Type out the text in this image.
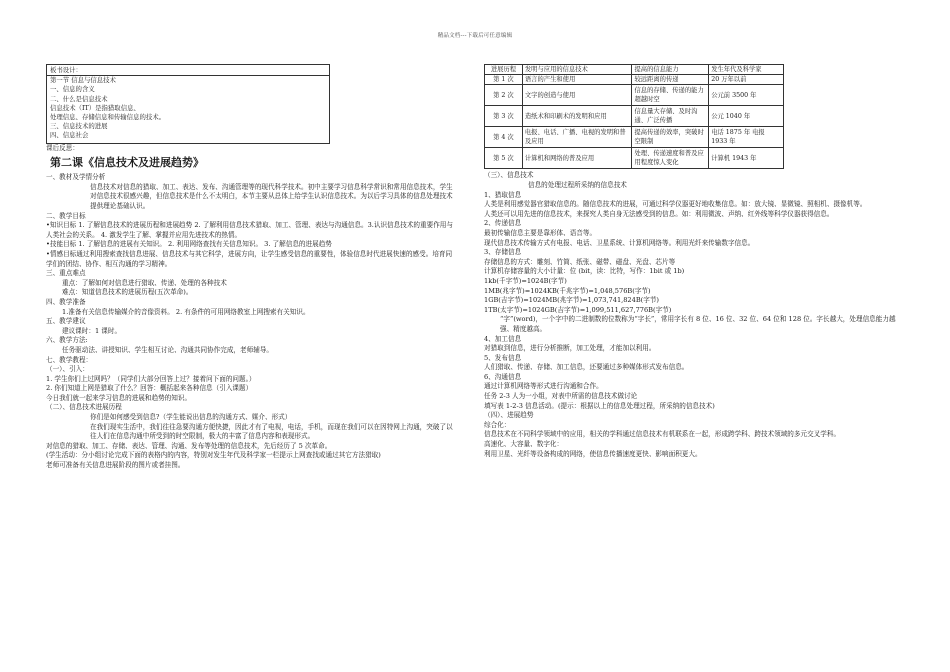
精品文档---下载后可任意编辑
板书设计：
第一节 信息与信息技术
一、信息的含义
二、什么是信息技术
信息技术（IT）是指猎取信息、
处理信息、存储信息和传输信息的技术。
三、信息技术的进展
四、信息社会
课后反思：
第二课《信息技术及进展趋势》
一、教材及学情分析
信息技术对信息的猎取、加工、表达、发布、沟通管理等的现代科学技术。初中主要学习信息科学常识和常用信息技术，学生对信息技术很感兴趣，但信息技术是什么不太明白，本节主要从总体上给学生认识信息技术。为以后学习具体的信息处理技术提供理论基础认识。
二、教学目标
•知识目标 1. 了解信息技术的进展历程和进展趋势 2. 了解利用信息技术猎取、加工、管理、表达与沟通信息。3.认识信息技术的重要作用与人类社会的关系。 4. 激发学生了解、掌握并应用先进技术的热情。
•技能目标 1. 了解信息的进展有关知识。 2. 利用网络查找有关信息知识。 3. 了解信息的进展趋势
•情感目标通过利用搜索查找信息进展、信息技术与其它科学，进展方向，让学生感受信息的重要性，体验信息时代进展快速的感受。培育同学们的团结、协作、相互沟通的学习精神。
三、重点难点
重点：了解如何对信息进行猎取、传递、处理的各种技术
难点：知道信息技术的进展历程(五次革命)。
四、教学准备
1.准备有关信息传输媒介的音像资料。 2. 有条件的可用网络教室上网搜索有关知识。
五、教学建议
建议课时：1 课时。
六、教学方法:
任务驱动法、讲授知识、学生相互讨论、沟通共同协作完成，老师辅导。
七、教学教程：
（一）、引入：
1. 学生你们上过网吗？（同学们大部分回答上过？接着问下面的问题。）
2. 你们知道上网是猎取了什么？回答：概括起来各种信息（引入课题）
今日我们就一起来学习信息的进展和趋势的知识。
（二）、信息技术进展历程
你们是如何感受到信息?（学生能说出信息的沟通方式、媒介、形式）
在我们现实生活中，我们往往急要沟通方便快捷，因此才有了电视，电话，手机，而现在我们可以在因特网上沟通，突破了以往人们在信息沟通中所受到的时空限制，极大的丰富了信息内容和表现形式。
对信息的猎取、加工、存储、表达、管理、沟通、发布等处理的信息技术，先后经历了 5 次革命。
(学生活动：分小组讨论完成下面的表格内的内容，特别对发生年代及科学家一栏提示上网查找或通过其它方法猎取)
老师可准备有关信息进展阶段的图片或者挂图。
进展历程	发明与应用的信息技术	提高的信息能力	发生年代及科学家
第 1 次	语言的产生和使用	较远距离的传递	20 万年以前
第 2 次	文字的创造与使用	信息的存储、传递的能力超越时空	公元前 3500 年
第 3 次	造纸术和印刷术的发明和应用	信息量大存储、及时沟通、广泛传播	公元 1040 年
第 4 次	电报、电话、广播、电视的发明和普及应用	提高传递的效率，突破时空限制	电话 1875 年 电报 1933 年
第 5 次	计算机和网络的普及应用	处理、传递速度和普及应用程度惊人变化	计算机 1943 年
（三）、信息技术
信息的处理过程所采纳的信息技术
1、猎取信息
人类是利用感觉器官猎取信息的。随信息技术的进展，可通过科学仪器更好地收集信息。如：放大镜、显微镜、照相机、摄像机等。
人类还可以用先进的信息技术，来探究人类自身无法感受到的信息。如：利用微波、声纳、红外线等科学仪器获得信息。
2、传递信息
最初传输信息主要是靠形体、语音等。
现代信息技术传输方式有电报、电话、卫星系统、计算机网络等。利用光纤来传输数字信息。
3、存储信息
存储信息的方式：雕刻、竹简、纸张、磁带、磁盘、光盘、芯片等
计算机存储容量的大小计量：位 (bit，读：比特，写作：1bit 或 1b)
1kb(千字节)=1024B(字节)
1MB(兆字节)=1024KB(千兆字节)=1,048,576B(字节)
1GB(吉字节)=1024MB(兆字节)=1,073,741,824B(字节)
1TB(太字节)=1024GB(吉字节)=1,099,511,627,776B(字节)
“字”(word)，一个字中的二进制数的位数称为“字长”，常用字长有 8 位、16 位、32 位、64 位和 128 位。字长越大，处理信息能力越强、精度越高。
4、加工信息
对猎取到信息，进行分析推断，加工处理，才能加以利用。
5、发布信息
人们猎取、传递、存储、加工信息，还要通过多种媒体形式发布信息。
6、沟通信息
通过计算机网络等形式进行沟通和合作。
任务 2-3 人为一小组，对表中所需的信息技术做讨论
填写表 1-2-3 信息活动。(提示：根据以上的信息处理过程，所采纳的信息技术)
（四）、进展趋势
综合化：
信息技术在不同科学领域中的应用，相关的学科通过信息技术有机联系在一起，形成跨学科、跨技术领域的多元交叉学科。
高速化、大容量、数字化：
利用卫星、光纤等设备构成的网络，使信息传播速度更快、影响面积更大。
